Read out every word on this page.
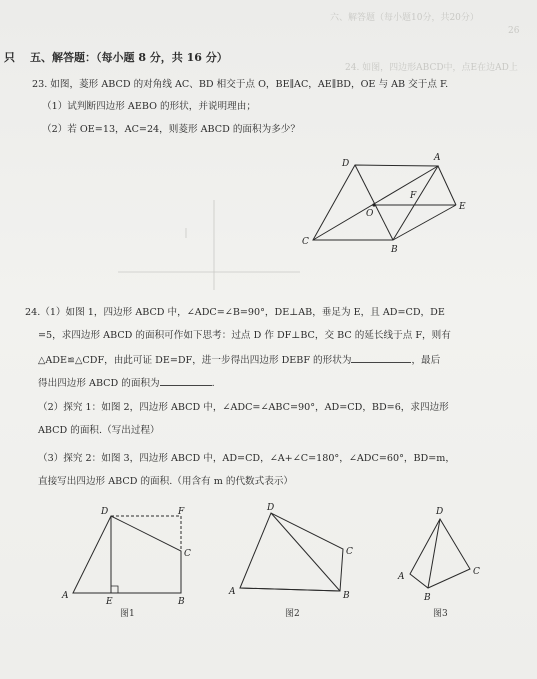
六、解答题（每小题10分，共20分）
24. 如图，四边形ABCD中，点E在边AD上
26
只 五、解答题：（每小题 8 分，共 16 分）
23. 如图，菱形 ABCD 的对角线 AC、BD 相交于点 O，BE∥AC，AE∥BD，OE 与 AB 交于点 F.
（1）试判断四边形 AEBO 的形状，并说明理由；
（2）若 OE=13，AC=24，则菱形 ABCD 的面积为多少？
D
A
F
O
E
C
B
24.（1）如图 1，四边形 ABCD 中，∠ADC=∠B=90°，DE⊥AB，垂足为 E，且 AD=CD，DE
=5，求四边形 ABCD 的面积可作如下思考：过点 D 作 DF⊥BC，交 BC 的延长线于点 F，则有
△ADE≌△CDF，由此可证 DE=DF，进一步得出四边形 DEBF 的形状为	，最后
得出四边形 ABCD 的面积为	.
（2）探究 1：如图 2，四边形 ABCD 中，∠ADC=∠ABC=90°，AD=CD，BD=6，求四边形
ABCD 的面积.（写出过程）
（3）探究 2：如图 3，四边形 ABCD 中，AD=CD，∠A+∠C=180°，∠ADC=60°，BD=m，
直接写出四边形 ABCD 的面积.（用含有 m 的代数式表示）
D	F
C
A
E	B
图1
D
C
A	B
图2
D
A	C
B
图3
